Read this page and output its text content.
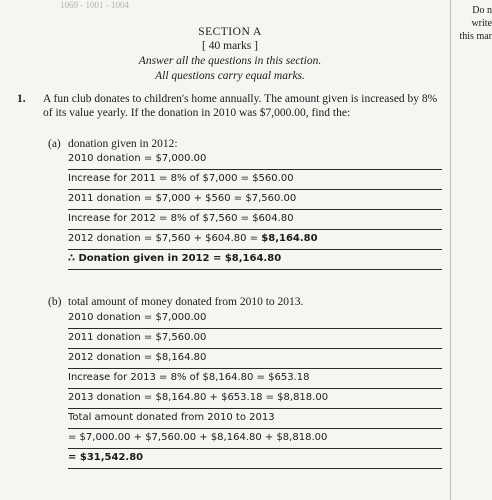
1069 - 1001 - 1004	Do n
write
this mar
SECTION A
[ 40 marks ]
Answer all the questions in this section.
All questions carry equal marks.
1. A fun club donates to children's home annually. The amount given is increased by 8% of its value yearly. If the donation in 2010 was $7,000.00, find the:
(a) donation given in 2012:
2010 donation = $7,000.00
Increase for 2011 = 8% of $7,000 = $560.00
2011 donation = $7,000 + $560 = $7,560.00
Increase for 2012 = 8% of $7,560 = $604.80
2012 donation = $7,560 + $604.80 = $8,164.80
∴ Donation given in 2012 = $8,164.80
(b) total amount of money donated from 2010 to 2013.
2010 donation = $7,000.00
2011 donation = $7,560.00
2012 donation = $8,164.80
Increase for 2013 = 8% of $8,164.80 = $653.18
2013 donation = $8,164.80 + $653.18 = $8,818.00
Total amount donated from 2010 to 2013
= $7,000.00 + $7,560.00 + $8,164.80 + $8,818.00
= $31,542.80
